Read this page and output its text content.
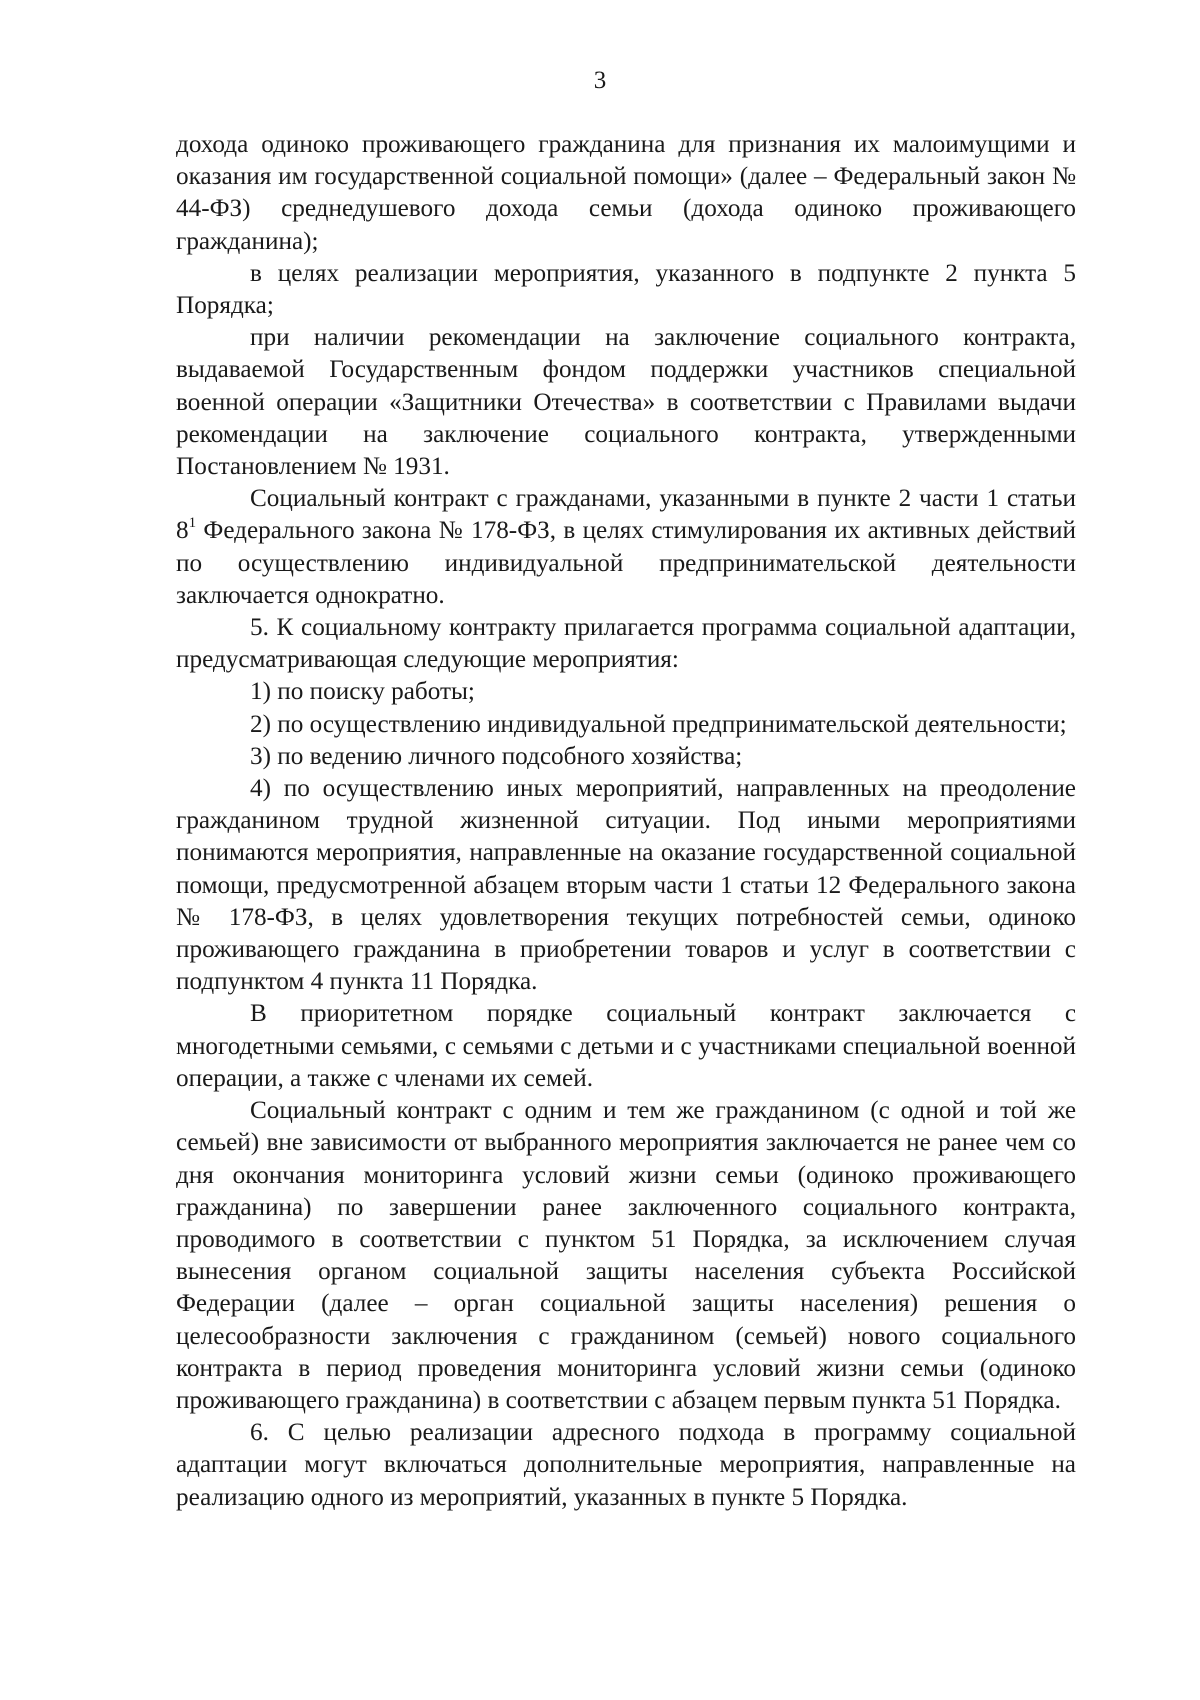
3

дохода одиноко проживающего гражданина для признания их малоимущими и оказания им государственной социальной помощи» (далее – Федеральный закон № 44-ФЗ) среднедушевого дохода семьи (дохода одиноко проживающего гражданина);

в целях реализации мероприятия, указанного в подпункте 2 пункта 5 Порядка;

при наличии рекомендации на заключение социального контракта, выдаваемой Государственным фондом поддержки участников специальной военной операции «Защитники Отечества» в соответствии с Правилами выдачи рекомендации на заключение социального контракта, утвержденными Постановлением № 1931.

Социальный контракт с гражданами, указанными в пункте 2 части 1 статьи $8^1$ Федерального закона № 178-ФЗ, в целях стимулирования их активных действий по осуществлению индивидуальной предпринимательской деятельности заключается однократно.

5. К социальному контракту прилагается программа социальной адаптации, предусматривающая следующие мероприятия:

1) по поиску работы;

2) по осуществлению индивидуальной предпринимательской деятельности;

3) по ведению личного подсобного хозяйства;

4) по осуществлению иных мероприятий, направленных на преодоление гражданином трудной жизненной ситуации. Под иными мероприятиями понимаются мероприятия, направленные на оказание государственной социальной помощи, предусмотренной абзацем вторым части 1 статьи 12 Федерального закона № 178-ФЗ, в целях удовлетворения текущих потребностей семьи, одиноко проживающего гражданина в приобретении товаров и услуг в соответствии с подпунктом 4 пункта 11 Порядка.

В приоритетном порядке социальный контракт заключается с многодетными семьями, с семьями с детьми и с участниками специальной военной операции, а также с членами их семей.

Социальный контракт с одним и тем же гражданином (с одной и той же семьей) вне зависимости от выбранного мероприятия заключается не ранее чем со дня окончания мониторинга условий жизни семьи (одиноко проживающего гражданина) по завершении ранее заключенного социального контракта, проводимого в соответствии с пунктом 51 Порядка, за исключением случая вынесения органом социальной защиты населения субъекта Российской Федерации (далее – орган социальной защиты населения) решения о целесообразности заключения с гражданином (семьей) нового социального контракта в период проведения мониторинга условий жизни семьи (одиноко проживающего гражданина) в соответствии с абзацем первым пункта 51 Порядка.

6. С целью реализации адресного подхода в программу социальной адаптации могут включаться дополнительные мероприятия, направленные на реализацию одного из мероприятий, указанных в пункте 5 Порядка.
